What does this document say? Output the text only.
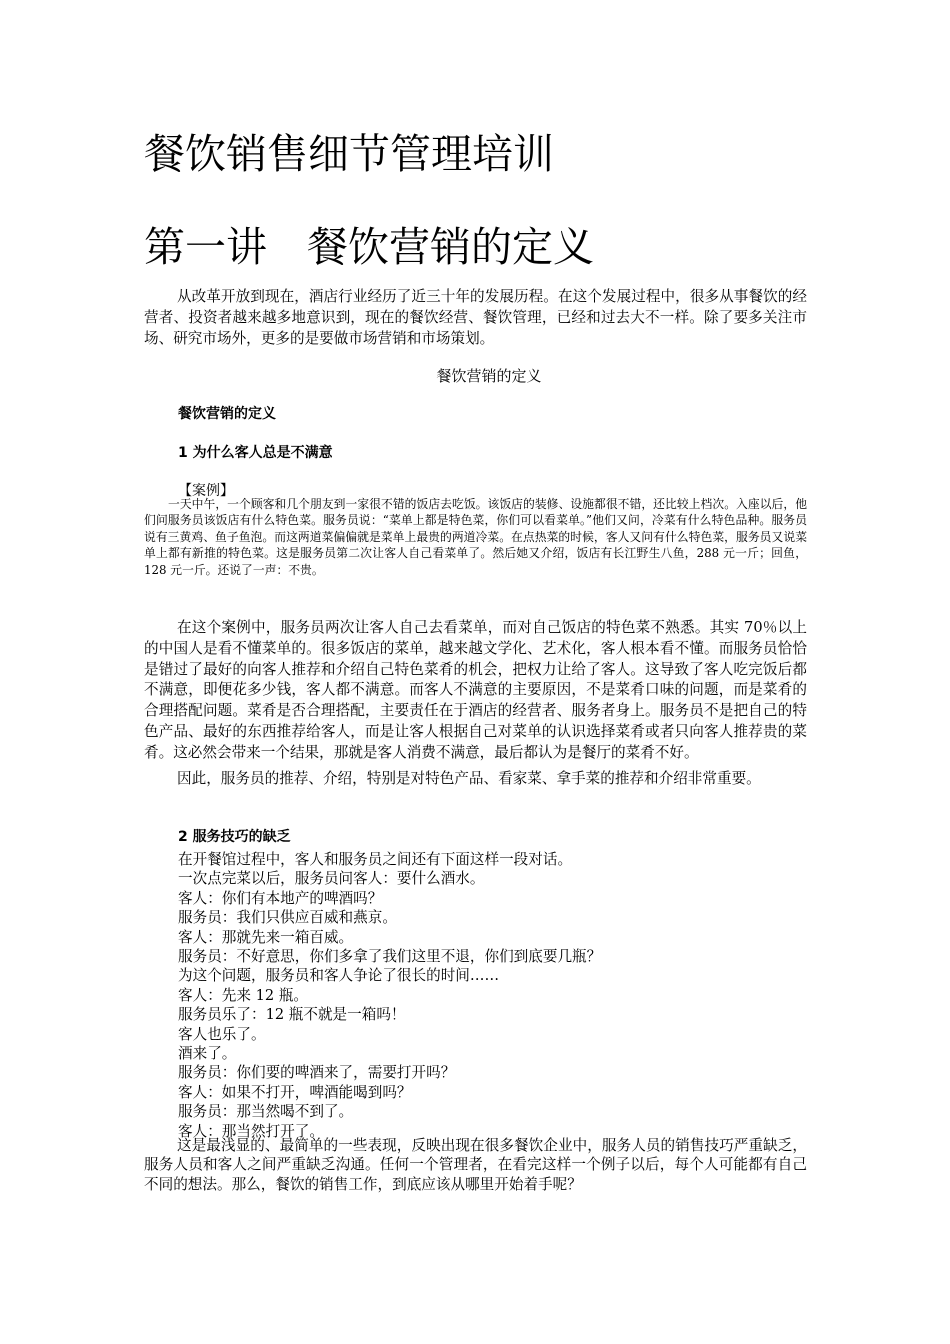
餐饮销售细节管理培训
第一讲 餐饮营销的定义

从改革开放到现在，酒店行业经历了近三十年的发展历程。在这个发展过程中，很多从事餐饮的经营者、投资者越来越多地意识到，现在的餐饮经营、餐饮管理，已经和过去大不一样。除了要多关注市场、研究市场外，更多的是要做市场营销和市场策划。

餐饮营销的定义

餐饮营销的定义

1 为什么客人总是不满意

【案例】

一天中午，一个顾客和几个朋友到一家很不错的饭店去吃饭。该饭店的装修、设施都很不错，还比较上档次。入座以后，他们问服务员该饭店有什么特色菜。服务员说：“菜单上都是特色菜，你们可以看菜单。”他们又问，冷菜有什么特色品种。服务员说有三黄鸡、鱼子鱼泡。而这两道菜偏偏就是菜单上最贵的两道冷菜。在点热菜的时候，客人又问有什么特色菜，服务员又说菜单上都有新推的特色菜。这是服务员第二次让客人自己看菜单了。然后她又介绍，饭店有长江野生八鱼，288 元一斤；回鱼，128 元一斤。还说了一声：不贵。

在这个案例中，服务员两次让客人自己去看菜单，而对自己饭店的特色菜不熟悉。其实 70％以上的中国人是看不懂菜单的。很多饭店的菜单，越来越文学化、艺术化，客人根本看不懂。而服务员恰恰是错过了最好的向客人推荐和介绍自己特色菜肴的机会，把权力让给了客人。这导致了客人吃完饭后都不满意，即便花多少钱，客人都不满意。而客人不满意的主要原因，不是菜肴口味的问题，而是菜肴的合理搭配问题。菜肴是否合理搭配，主要责任在于酒店的经营者、服务者身上。服务员不是把自己的特色产品、最好的东西推荐给客人，而是让客人根据自己对菜单的认识选择菜肴或者只向客人推荐贵的菜肴。这必然会带来一个结果，那就是客人消费不满意，最后都认为是餐厅的菜肴不好。

因此，服务员的推荐、介绍，特别是对特色产品、看家菜、拿手菜的推荐和介绍非常重要。

2 服务技巧的缺乏

在开餐馆过程中，客人和服务员之间还有下面这样一段对话。
一次点完菜以后，服务员问客人：要什么酒水。
客人：你们有本地产的啤酒吗？
服务员：我们只供应百威和燕京。
客人：那就先来一箱百威。
服务员：不好意思，你们多拿了我们这里不退，你们到底要几瓶？
为这个问题，服务员和客人争论了很长的时间……
客人：先来 12 瓶。
服务员乐了：12 瓶不就是一箱吗！
客人也乐了。
酒来了。
服务员：你们要的啤酒来了，需要打开吗？
客人：如果不打开，啤酒能喝到吗？
服务员：那当然喝不到了。
客人：那当然打开了。

这是最浅显的、最简单的一些表现，反映出现在很多餐饮企业中，服务人员的销售技巧严重缺乏，服务人员和客人之间严重缺乏沟通。任何一个管理者，在看完这样一个例子以后，每个人可能都有自己不同的想法。那么，餐饮的销售工作，到底应该从哪里开始着手呢？
